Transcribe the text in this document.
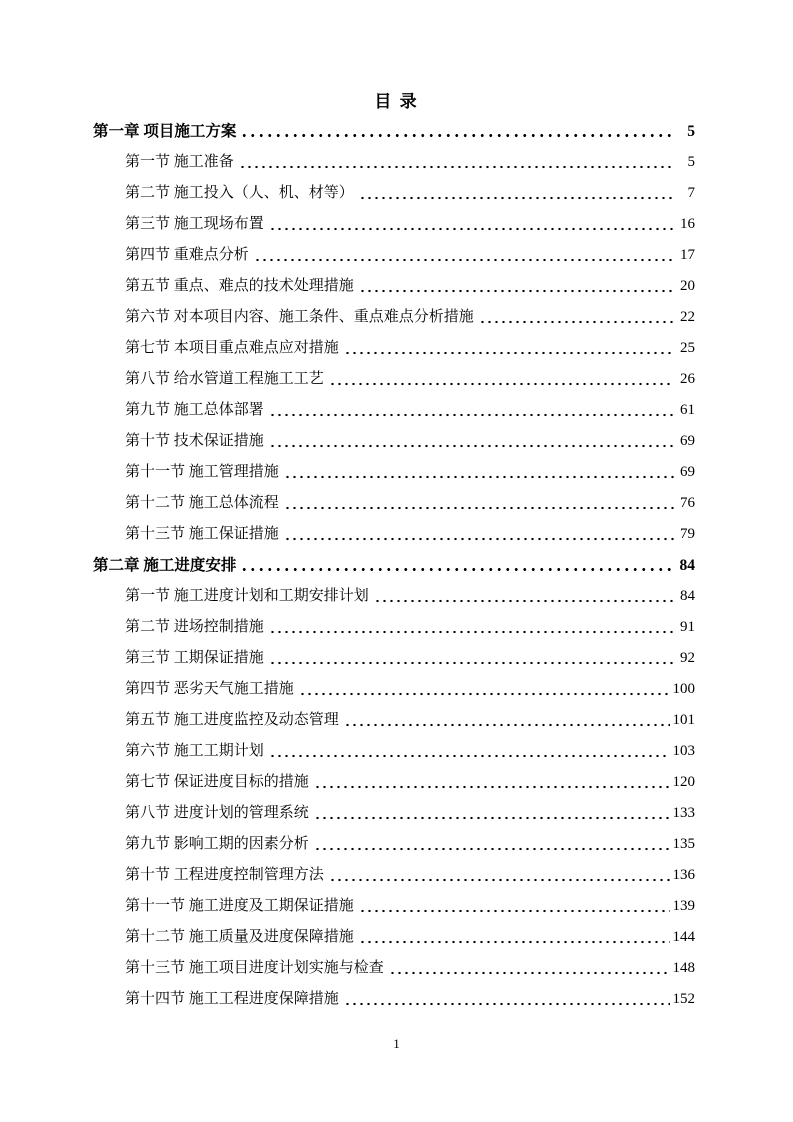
目 录
第一章 项目施工方案	5
第一节 施工准备	5
第二节 施工投入（人、机、材等）	7
第三节 施工现场布置	16
第四节 重难点分析	17
第五节 重点、难点的技术处理措施	20
第六节 对本项目内容、施工条件、重点难点分析措施	22
第七节 本项目重点难点应对措施	25
第八节 给水管道工程施工工艺	26
第九节 施工总体部署	61
第十节 技术保证措施	69
第十一节 施工管理措施	69
第十二节 施工总体流程	76
第十三节 施工保证措施	79
第二章 施工进度安排	84
第一节 施工进度计划和工期安排计划	84
第二节 进场控制措施	91
第三节 工期保证措施	92
第四节 恶劣天气施工措施	100
第五节 施工进度监控及动态管理	101
第六节 施工工期计划	103
第七节 保证进度目标的措施	120
第八节 进度计划的管理系统	133
第九节 影响工期的因素分析	135
第十节 工程进度控制管理方法	136
第十一节 施工进度及工期保证措施	139
第十二节 施工质量及进度保障措施	144
第十三节 施工项目进度计划实施与检查	148
第十四节 施工工程进度保障措施	152
1
